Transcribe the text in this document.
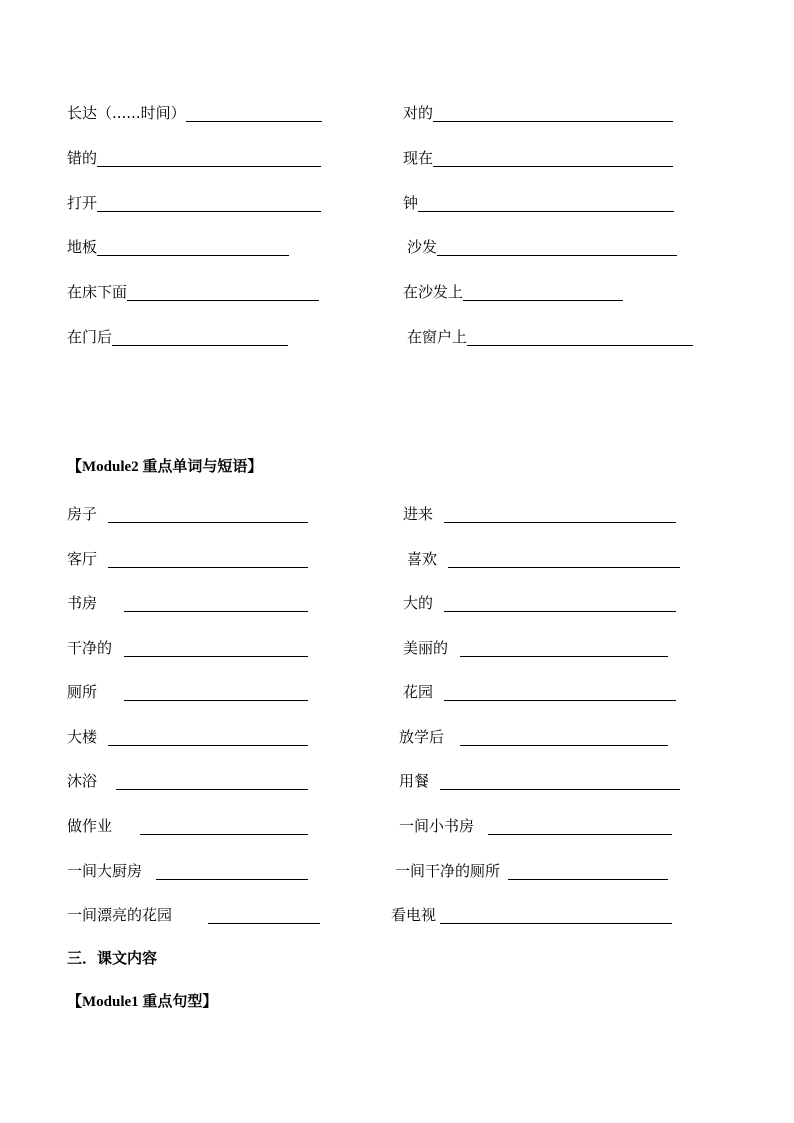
长达（......时间）
错的
打开
地板
在床下面
在门后
对的
现在
钟
沙发
在沙发上
在窗户上
【Module2 重点单词与短语】
房子
客厅
书房
干净的
厕所
大楼
沐浴
做作业
一间大厨房
一间漂亮的花园
进来
喜欢
大的
美丽的
花园
放学后
用餐
一间小书房
一间干净的厕所
看电视
三．课文内容
【Module1 重点句型】
